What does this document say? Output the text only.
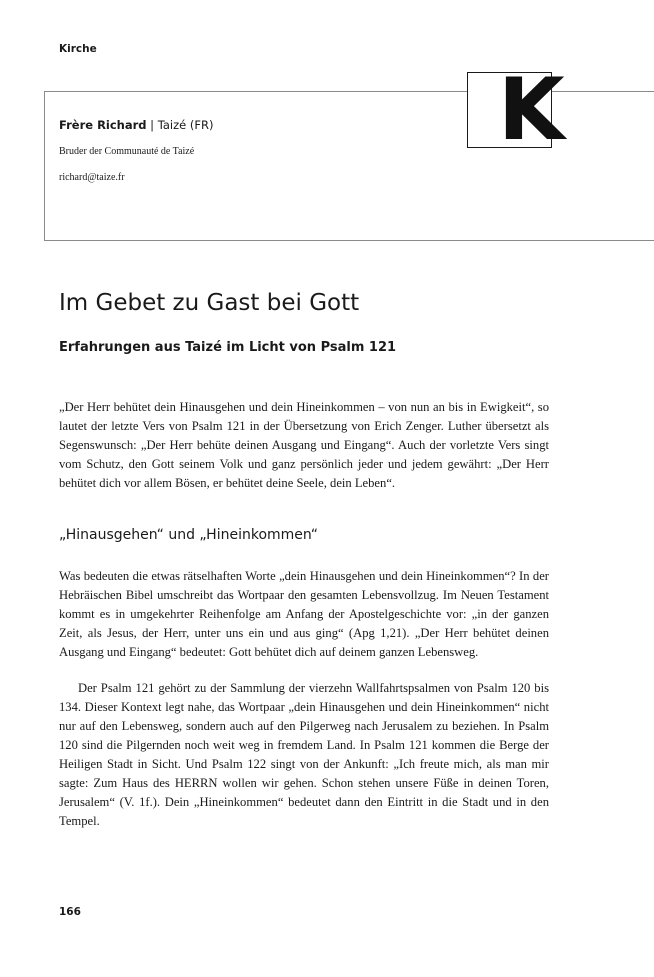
Kirche
Frère Richard | Taizé (FR)
Bruder der Communauté de Taizé
richard@taize.fr
K
Im Gebet zu Gast bei Gott
Erfahrungen aus Taizé im Licht von Psalm 121

„Der Herr behütet dein Hinausgehen und dein Hineinkommen – von nun an bis in Ewigkeit“, so lautet der letzte Vers von Psalm 121 in der Übersetzung von Erich Zenger. Luther übersetzt als Segenswunsch: „Der Herr behüte deinen Ausgang und Eingang“. Auch der vorletzte Vers singt vom Schutz, den Gott seinem Volk und ganz persönlich jeder und jedem gewährt: „Der Herr behütet dich vor allem Bösen, er behütet deine Seele, dein Leben“.

„Hinausgehen“ und „Hineinkommen“

Was bedeuten die etwas rätselhaften Worte „dein Hinausgehen und dein Hineinkommen“? In der Hebräischen Bibel umschreibt das Wortpaar den gesamten Lebensvollzug. Im Neuen Testament kommt es in umgekehrter Reihenfolge am Anfang der Apostelgeschichte vor: „in der ganzen Zeit, als Jesus, der Herr, unter uns ein und aus ging“ (Apg 1,21). „Der Herr behütet deinen Ausgang und Eingang“ bedeutet: Gott behütet dich auf deinem ganzen Lebensweg.

Der Psalm 121 gehört zu der Sammlung der vierzehn Wallfahrtspsalmen von Psalm 120 bis 134. Dieser Kontext legt nahe, das Wortpaar „dein Hinausgehen und dein Hineinkommen“ nicht nur auf den Lebensweg, sondern auch auf den Pilgerweg nach Jerusalem zu beziehen. In Psalm 120 sind die Pilgernden noch weit weg in fremdem Land. In Psalm 121 kommen die Berge der Heiligen Stadt in Sicht. Und Psalm 122 singt von der Ankunft: „Ich freute mich, als man mir sagte: Zum Haus des HERRN wollen wir gehen. Schon stehen unsere Füße in deinen Toren, Jerusalem“ (V. 1f.). Dein „Hineinkommen“ bedeutet dann den Eintritt in die Stadt und in den Tempel.

166
